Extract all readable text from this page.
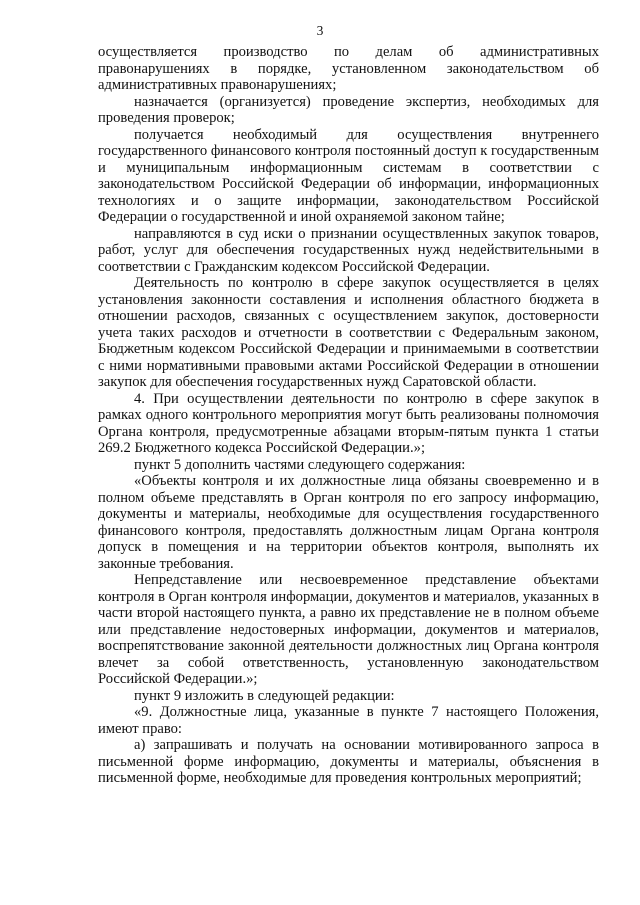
3

осуществляется производство по делам об административных правонарушениях в порядке, установленном законодательством об административных правонарушениях;

назначается (организуется) проведение экспертиз, необходимых для проведения проверок;

получается необходимый для осуществления внутреннего государственного финансового контроля постоянный доступ к государственным и муниципальным информационным системам в соответствии с законодательством Российской Федерации об информации, информационных технологиях и о защите информации, законодательством Российской Федерации о государственной и иной охраняемой законом тайне;

направляются в суд иски о признании осуществленных закупок товаров, работ, услуг для обеспечения государственных нужд недействительными в соответствии с Гражданским кодексом Российской Федерации.

Деятельность по контролю в сфере закупок осуществляется в целях установления законности составления и исполнения областного бюджета в отношении расходов, связанных с осуществлением закупок, достоверности учета таких расходов и отчетности в соответствии с Федеральным законом, Бюджетным кодексом Российской Федерации и принимаемыми в соответствии с ними нормативными правовыми актами Российской Федерации в отношении закупок для обеспечения государственных нужд Саратовской области.

4. При осуществлении деятельности по контролю в сфере закупок в рамках одного контрольного мероприятия могут быть реализованы полномочия Органа контроля, предусмотренные абзацами вторым-пятым пункта 1 статьи 269.2 Бюджетного кодекса Российской Федерации.»;

пункт 5 дополнить частями следующего содержания:

«Объекты контроля и их должностные лица обязаны своевременно и в полном объеме представлять в Орган контроля по его запросу информацию, документы и материалы, необходимые для осуществления государственного финансового контроля, предоставлять должностным лицам Органа контроля допуск в помещения и на территории объектов контроля, выполнять их законные требования.

Непредставление или несвоевременное представление объектами контроля в Орган контроля информации, документов и материалов, указанных в части второй настоящего пункта, а равно их представление не в полном объеме или представление недостоверных информации, документов и материалов, воспрепятствование законной деятельности должностных лиц Органа контроля влечет за собой ответственность, установленную законодательством Российской Федерации.»;

пункт 9 изложить в следующей редакции:

«9. Должностные лица, указанные в пункте 7 настоящего Положения, имеют право:

а) запрашивать и получать на основании мотивированного запроса в письменной форме информацию, документы и материалы, объяснения в письменной форме, необходимые для проведения контрольных мероприятий;
